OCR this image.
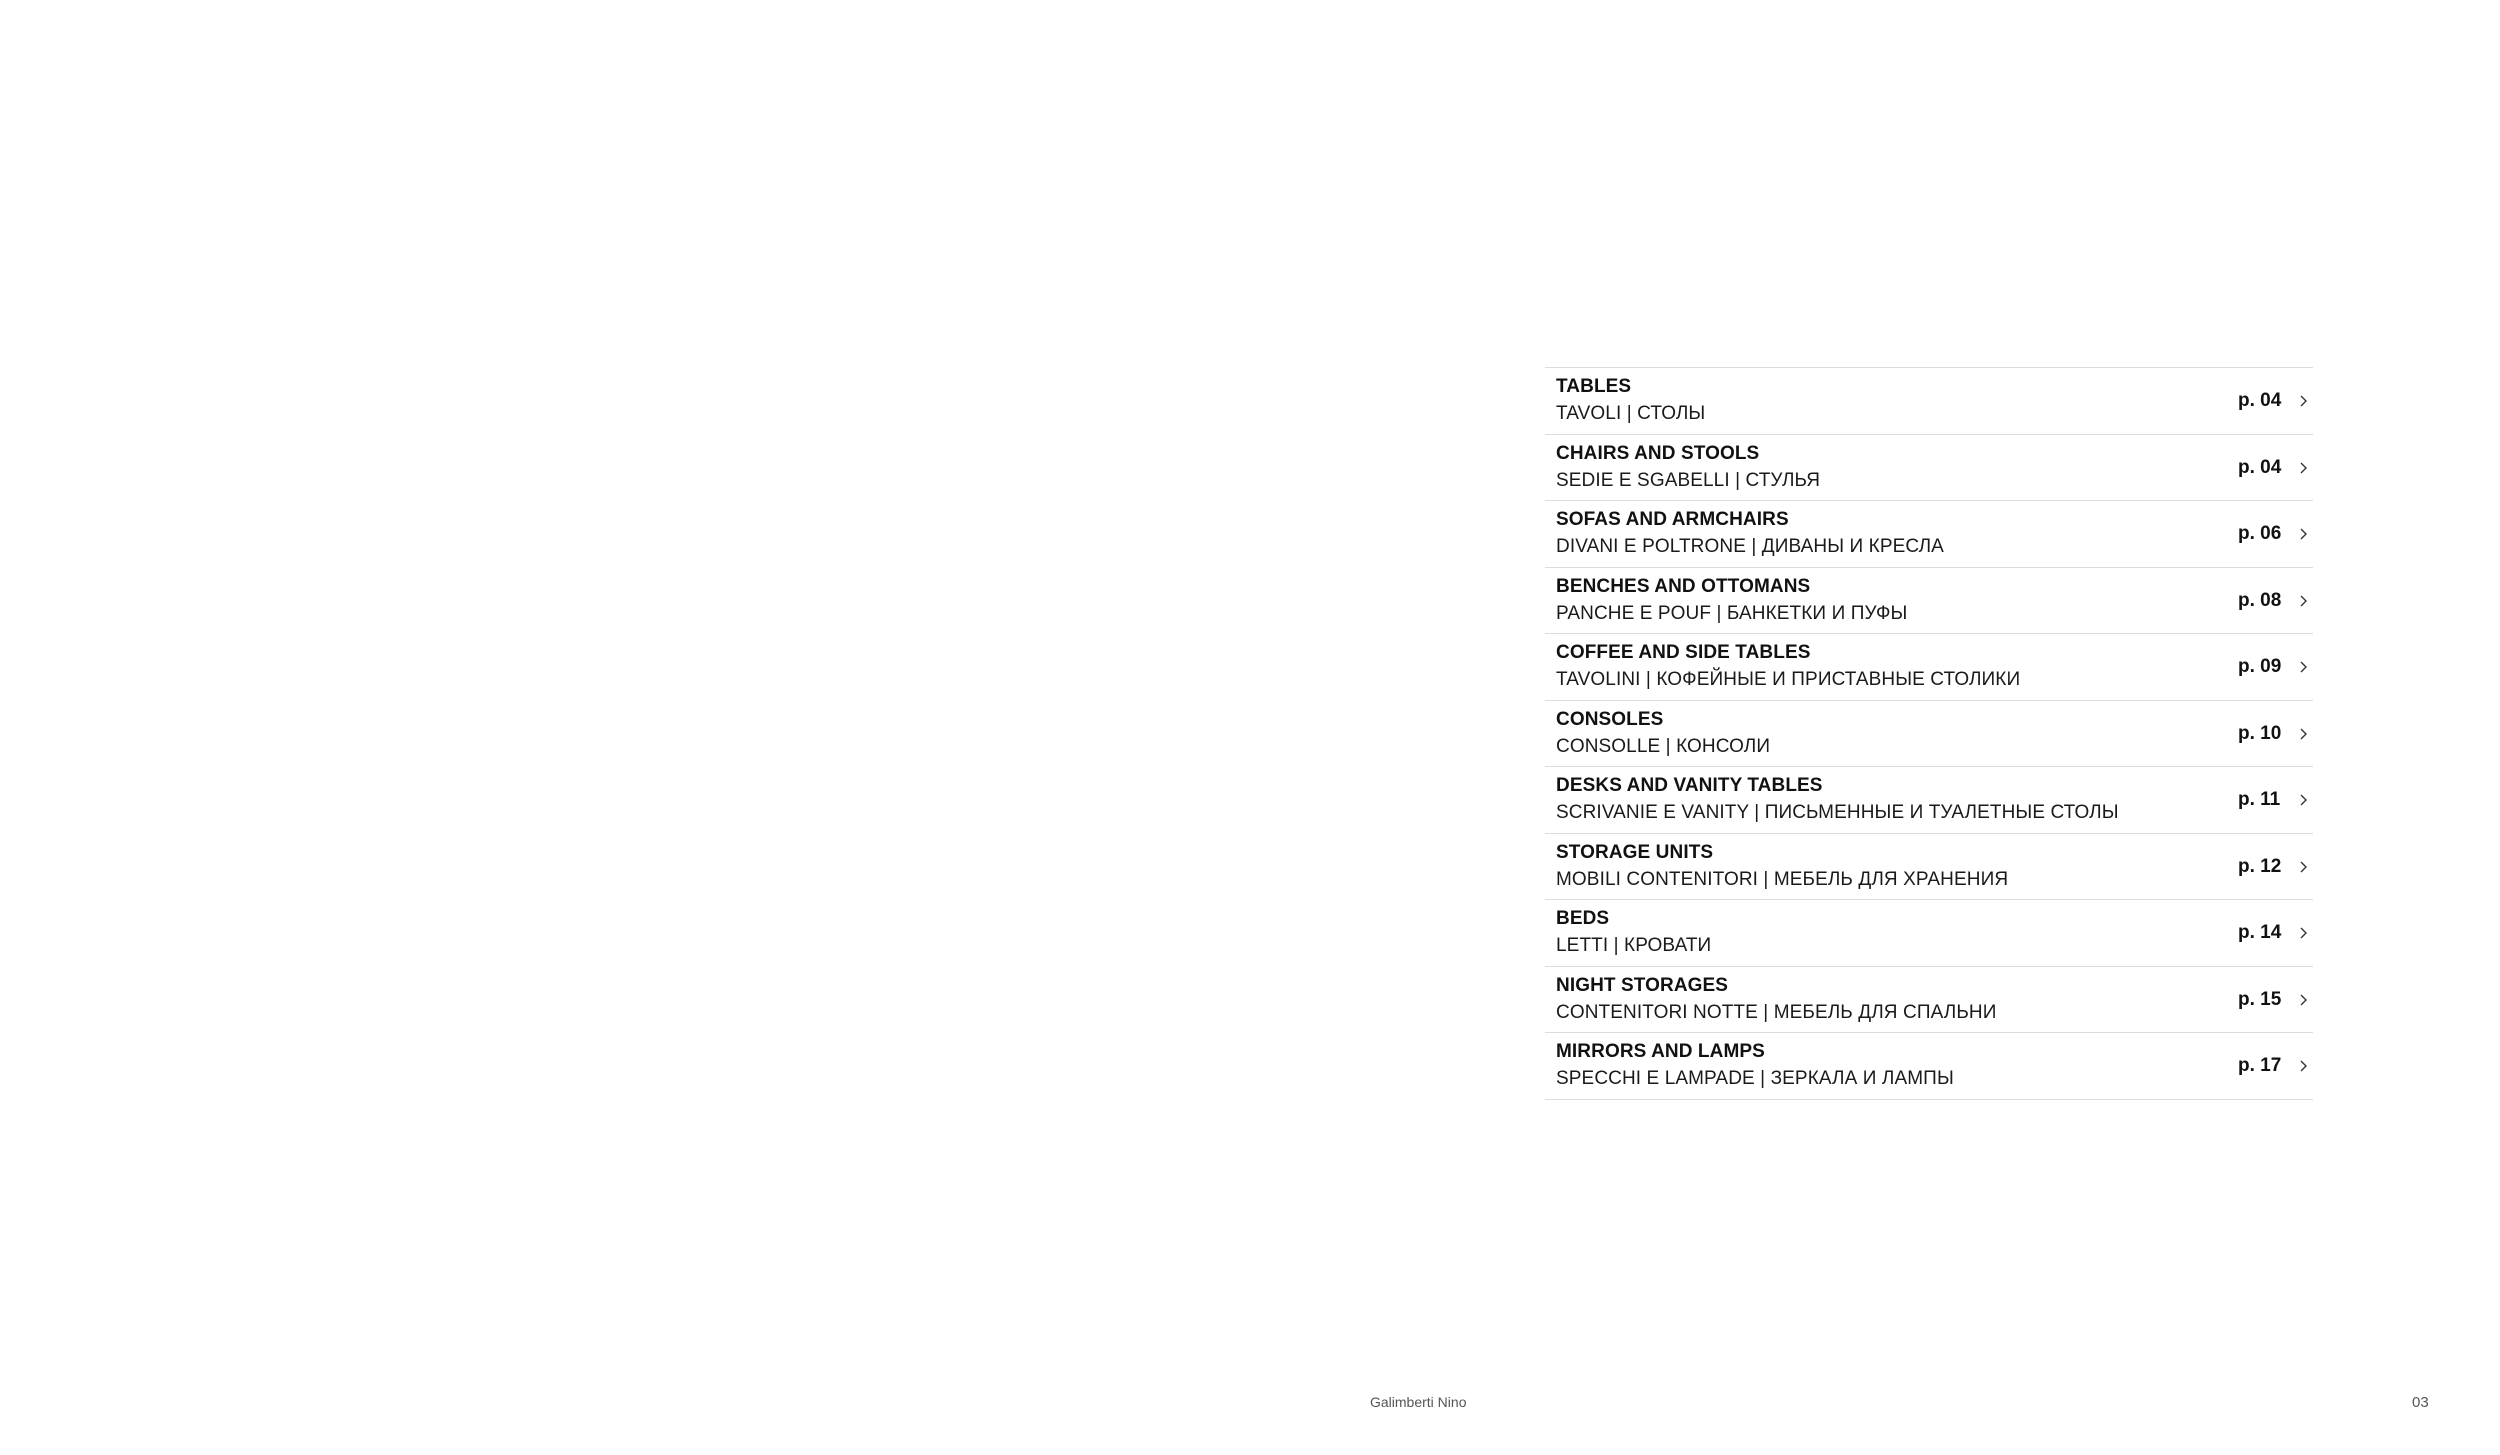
TABLES
TAVOLI | СТОЛЫ
p. 04
CHAIRS AND STOOLS
SEDIE E SGABELLI | СТУЛЬЯ
p. 04
SOFAS AND ARMCHAIRS
DIVANI E POLTRONE | ДИВАНЫ И КРЕСЛА
p. 06
BENCHES AND OTTOMANS
PANCHE E POUF | БАНКЕТКИ И ПУФЫ
p. 08
COFFEE AND SIDE TABLES
TAVOLINI | КОФЕЙНЫЕ И ПРИСТАВНЫЕ СТОЛИКИ
p. 09
CONSOLES
CONSOLLE | КОНСОЛИ
p. 10
DESKS AND VANITY TABLES
SCRIVANIE E VANITY | ПИСЬМЕННЫЕ И ТУАЛЕТНЫЕ СТОЛЫ
p. 11
STORAGE UNITS
MOBILI CONTENITORI | МЕБЕЛЬ ДЛЯ ХРАНЕНИЯ
p. 12
BEDS
LETTI | КРОВАТИ
p. 14
NIGHT STORAGES
CONTENITORI NOTTE | МЕБЕЛЬ ДЛЯ СПАЛЬНИ
p. 15
MIRRORS AND LAMPS
SPECCHI E LAMPADE | ЗЕРКАЛА И ЛАМПЫ
p. 17
Galimberti Nino	03
